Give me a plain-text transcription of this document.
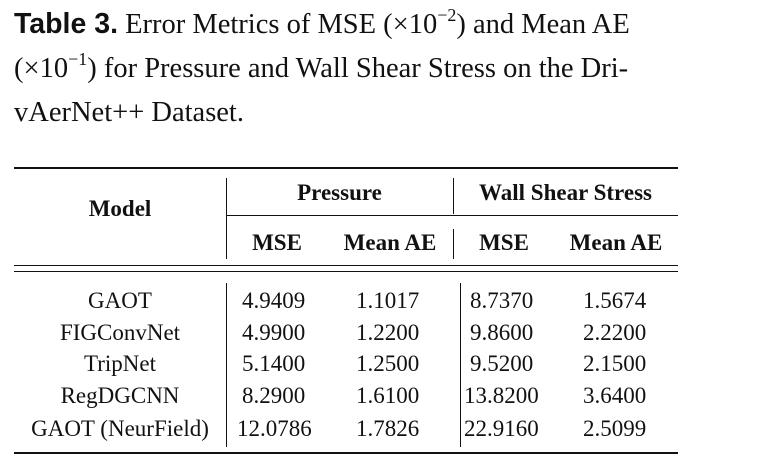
Table 3. Error Metrics of MSE $(\times 10^{-2})$ and Mean AE
$(\times 10^{-1})$ for Pressure and Wall Shear Stress on the Dri-
vAerNet++ Dataset.
Model
Pressure	Wall Shear Stress
MSE	Mean AE	MSE	Mean AE
GAOT	4.9409 1.1017 8.7370 1.5674
FIGConvNet	4.9900 1.2200 9.8600 2.2200
TripNet	5.1400 1.2500 9.5200 2.1500
RegDGCNN	8.2900 1.6100 13.8200 3.6400
GAOT (NeurField)	12.0786 1.7826 22.9160 2.5099
